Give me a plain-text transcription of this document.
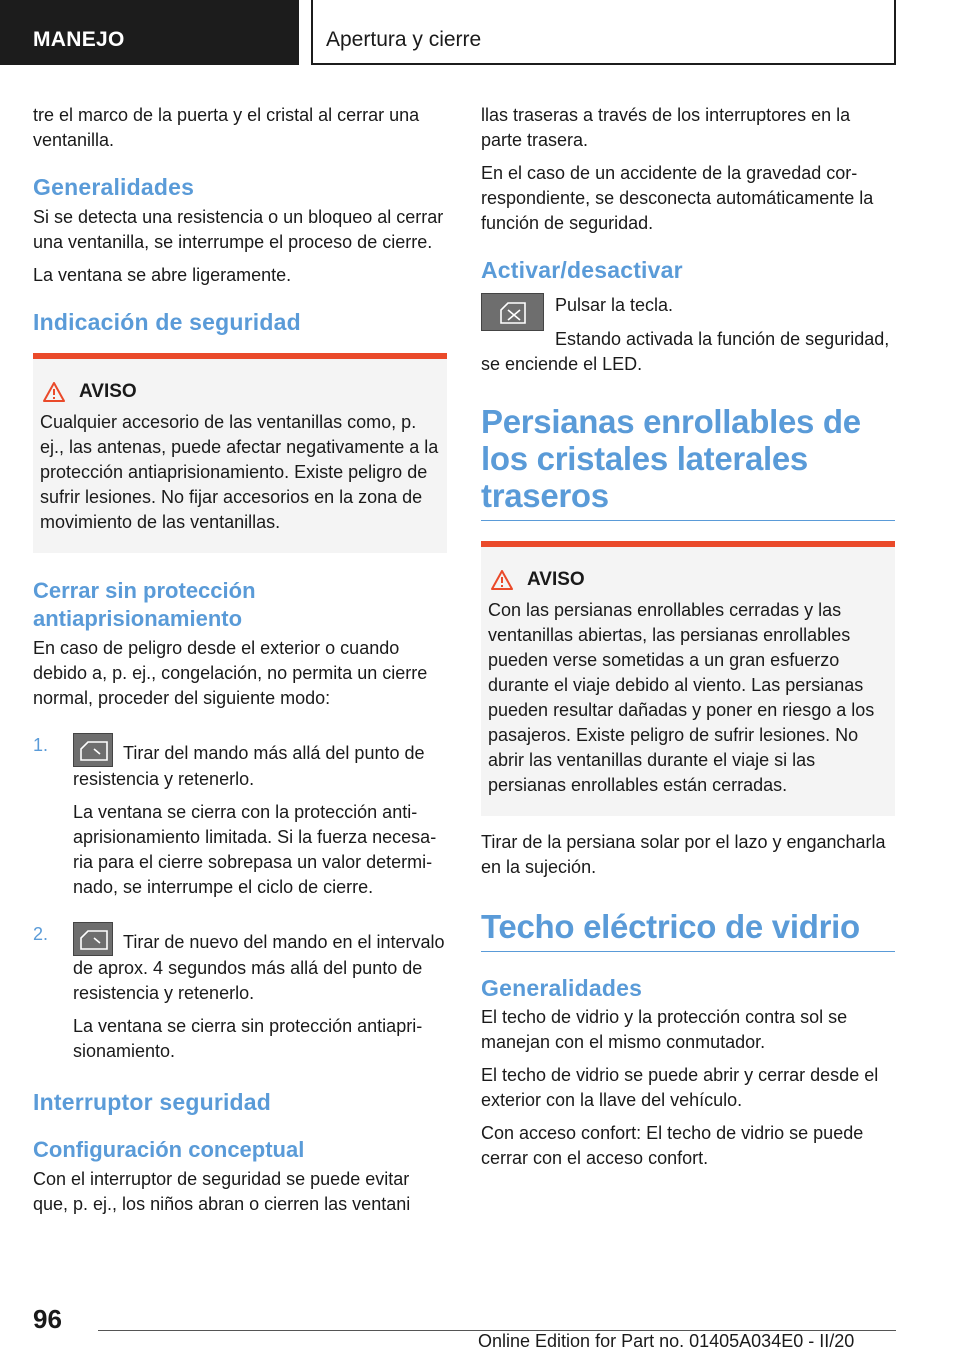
MANEJO	Apertura y cierre
tre el marco de la puerta y el cristal al cerrar una ventanilla.
Generalidades
Si se detecta una resistencia o un bloqueo al cerrar una ventanilla, se interrumpe el proceso de cierre.
La ventana se abre ligeramente.
Indicación de seguridad
AVISO
Cualquier accesorio de las ventanillas como, p. ej., las antenas, puede afectar negativamente a la protección antiaprisionamiento. Existe peligro de sufrir lesiones. No fijar accesorios en la zona de movimiento de las ventanillas.
Cerrar sin protección antiaprisionamiento
En caso de peligro desde el exterior o cuando debido a, p. ej., congelación, no permita un cierre normal, proceder del siguiente modo:
1.	Tirar del mando más allá del punto de resistencia y retenerlo.
La ventana se cierra con la protección antiaprisionamiento limitada. Si la fuerza necesaria para el cierre sobrepasa un valor determinado, se interrumpe el ciclo de cierre.
2.	Tirar de nuevo del mando en el intervalo de aprox. 4 segundos más allá del punto de resistencia y retenerlo.
La ventana se cierra sin protección antiaprisionamiento.
Interruptor seguridad
Configuración conceptual
Con el interruptor de seguridad se puede evitar que, p. ej., los niños abran o cierren las ventani
llas traseras a través de los interruptores en la parte trasera.
En el caso de un accidente de la gravedad correspondiente, se desconecta automáticamente la función de seguridad.
Activar/desactivar
Pulsar la tecla.
Estando activada la función de seguridad, se enciende el LED.
Persianas enrollables de los cristales laterales traseros
AVISO
Con las persianas enrollables cerradas y las ventanillas abiertas, las persianas enrollables pueden verse sometidas a un gran esfuerzo durante el viaje debido al viento. Las persianas pueden resultar dañadas y poner en riesgo a los pasajeros. Existe peligro de sufrir lesiones. No abrir las ventanillas durante el viaje si las persianas enrollables están cerradas.
Tirar de la persiana solar por el lazo y engancharla en la sujeción.
Techo eléctrico de vidrio
Generalidades
El techo de vidrio y la protección contra sol se manejan con el mismo conmutador.
El techo de vidrio se puede abrir y cerrar desde el exterior con la llave del vehículo.
Con acceso confort: El techo de vidrio se puede cerrar con el acceso confort.
96
Online Edition for Part no. 01405A034E0 - II/20
